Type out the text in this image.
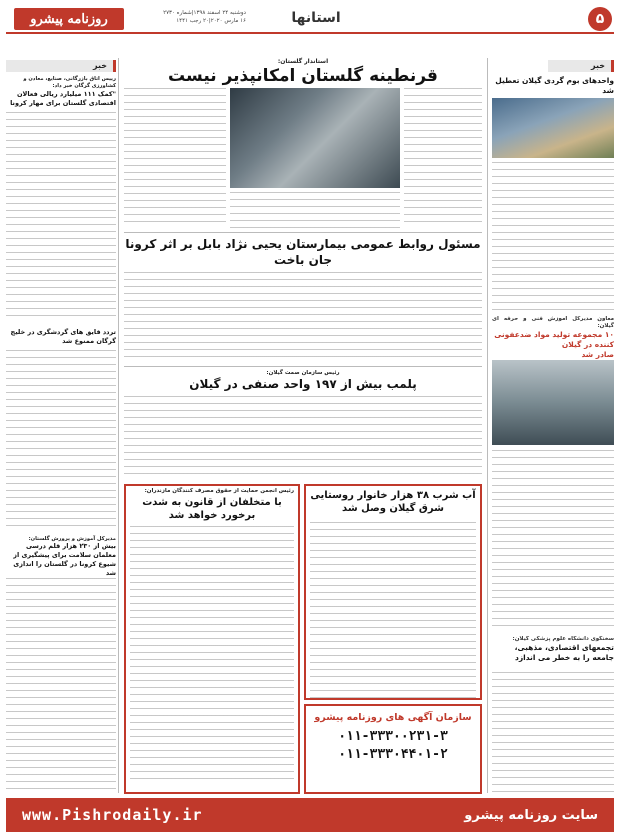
۵
استانها
دوشنبه ۲۴ اسفند ۱۳۹۸|شماره ۲۷۳۰
۱۶ مارس ۲۰۲۰|۲۰ رجب ۱۴۴۱
روزنامه پیشرو
خبر
واحدهای بوم گردی گیلان تعطیل شد
معاون مدیرکل آموزش فنی و حرفه ای گیلان:
۱۰ مجموعه تولید مواد ضدعفونی کننده در گیلان
صادر شد
سخنگوی دانشگاه علوم پزشکی گیلان:
تجمعهای اقتصادی، مذهبی، جامعه را به خطر می اندازد
استاندار گلستان:
قرنطینه گلستان امکانپذیر نیست
مسئول روابط عمومی بیمارستان یحیی نژاد بابل بر اثر کرونا جان باخت
رئیس سازمان صمت گیلان:
پلمب بیش از ۱۹۷ واحد صنفی در گیلان
رئیس انجمن حمایت از حقوق مصرف کنندگان مازندران:
با متخلفان از قانون به شدت برخورد خواهد شد
آب شرب ۳۸ هزار خانوار روستایی شرق گیلان وصل شد
سازمان آگهی های روزنامه پیشرو
۰۱۱-۳۳۳۰۰۲۳۱-۳
۰۱۱-۳۳۳۰۴۴۰۱-۲
خبر
رییس اتاق بازرگانی، صنایع، معادن و کشاورزی گرگان خبر داد:
"کمک ۱۱۱ میلیارد ریالی فعالان اقتصادی گلستان برای مهار کرونا
تردد قایق های گردشگری در خلیج گرگان ممنوع شد
مدیرکل آموزش و پرورش گلستان:
بیش از ۲۳۰ هزار قلم درسی معلمان سلامت برای پیشگیری از شیوع کرونا در گلستان را اندازی شد
www.Pishrodaily.ir	سایت روزنامه پیشرو
